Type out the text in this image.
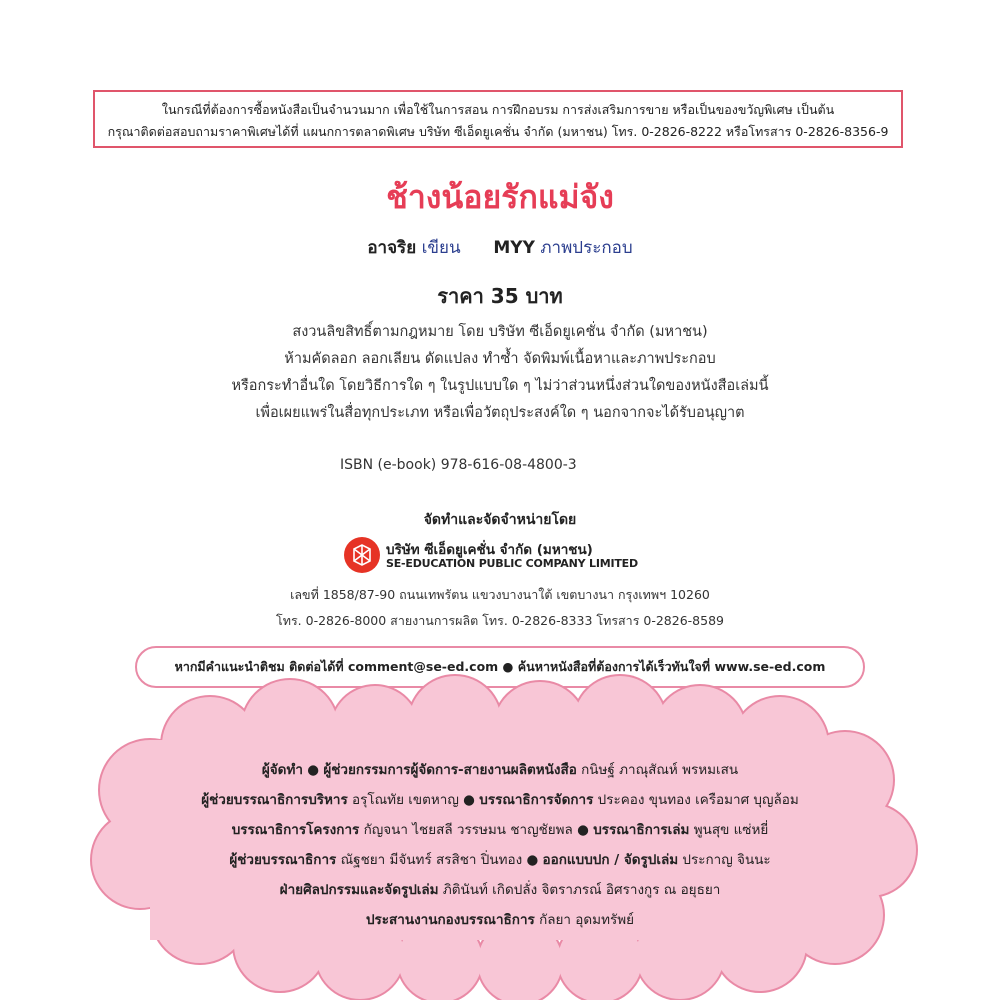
ในกรณีที่ต้องการซื้อหนังสือเป็นจำนวนมาก เพื่อใช้ในการสอน การฝึกอบรม การส่งเสริมการขาย หรือเป็นของขวัญพิเศษ เป็นต้น
กรุณาติดต่อสอบถามราคาพิเศษได้ที่ แผนกการตลาดพิเศษ บริษัท ซีเอ็ดยูเคชั่น จำกัด (มหาชน) โทร. 0-2826-8222 หรือโทรสาร 0-2826-8356-9
ช้างน้อยรักแม่จัง
อาจริย เขียน MYY ภาพประกอบ
ราคา 35 บาท
สงวนลิขสิทธิ์ตามกฎหมาย โดย บริษัท ซีเอ็ดยูเคชั่น จำกัด (มหาชน)
ห้ามคัดลอก ลอกเลียน ดัดแปลง ทำซ้ำ จัดพิมพ์เนื้อหาและภาพประกอบ
หรือกระทำอื่นใด โดยวิธีการใด ๆ ในรูปแบบใด ๆ ไม่ว่าส่วนหนึ่งส่วนใดของหนังสือเล่มนี้
เพื่อเผยแพร่ในสื่อทุกประเภท หรือเพื่อวัตถุประสงค์ใด ๆ นอกจากจะได้รับอนุญาต
ISBN (e-book) 978-616-08-4800-3
จัดทำและจัดจำหน่ายโดย
บริษัท ซีเอ็ดยูเคชั่น จำกัด (มหาชน)
SE-EDUCATION PUBLIC COMPANY LIMITED
เลขที่ 1858/87-90 ถนนเทพรัตน แขวงบางนาใต้ เขตบางนา กรุงเทพฯ 10260
โทร. 0-2826-8000 สายงานการผลิต โทร. 0-2826-8333 โทรสาร 0-2826-8589
หากมีคำแนะนำติชม ติดต่อได้ที่ comment@se-ed.com ● ค้นหาหนังสือที่ต้องการได้เร็วทันใจที่ www.se-ed.com
ผู้จัดทำ ● ผู้ช่วยกรรมการผู้จัดการ-สายงานผลิตหนังสือ กนิษฐ์ ภาณุสัณห์ พรหมเสน
ผู้ช่วยบรรณาธิการบริหาร อรุโณทัย เขตหาญ ● บรรณาธิการจัดการ ประคอง ขุนทอง เครือมาศ บุญล้อม
บรรณาธิการโครงการ กัญจนา ไชยสลี วรรษมน ชาญชัยพล ● บรรณาธิการเล่ม พูนสุข แซ่หยี่
ผู้ช่วยบรรณาธิการ ณัฐชยา มีจันทร์ สรสิชา ปิ่นทอง ● ออกแบบปก / จัดรูปเล่ม ประกาญ จินนะ
ฝ่ายศิลปกรรมและจัดรูปเล่ม ภิตินันท์ เกิดปลั่ง จิตราภรณ์ อิศรางกูร ณ อยุธยา
ประสานงานกองบรรณาธิการ กัลยา อุดมทรัพย์
